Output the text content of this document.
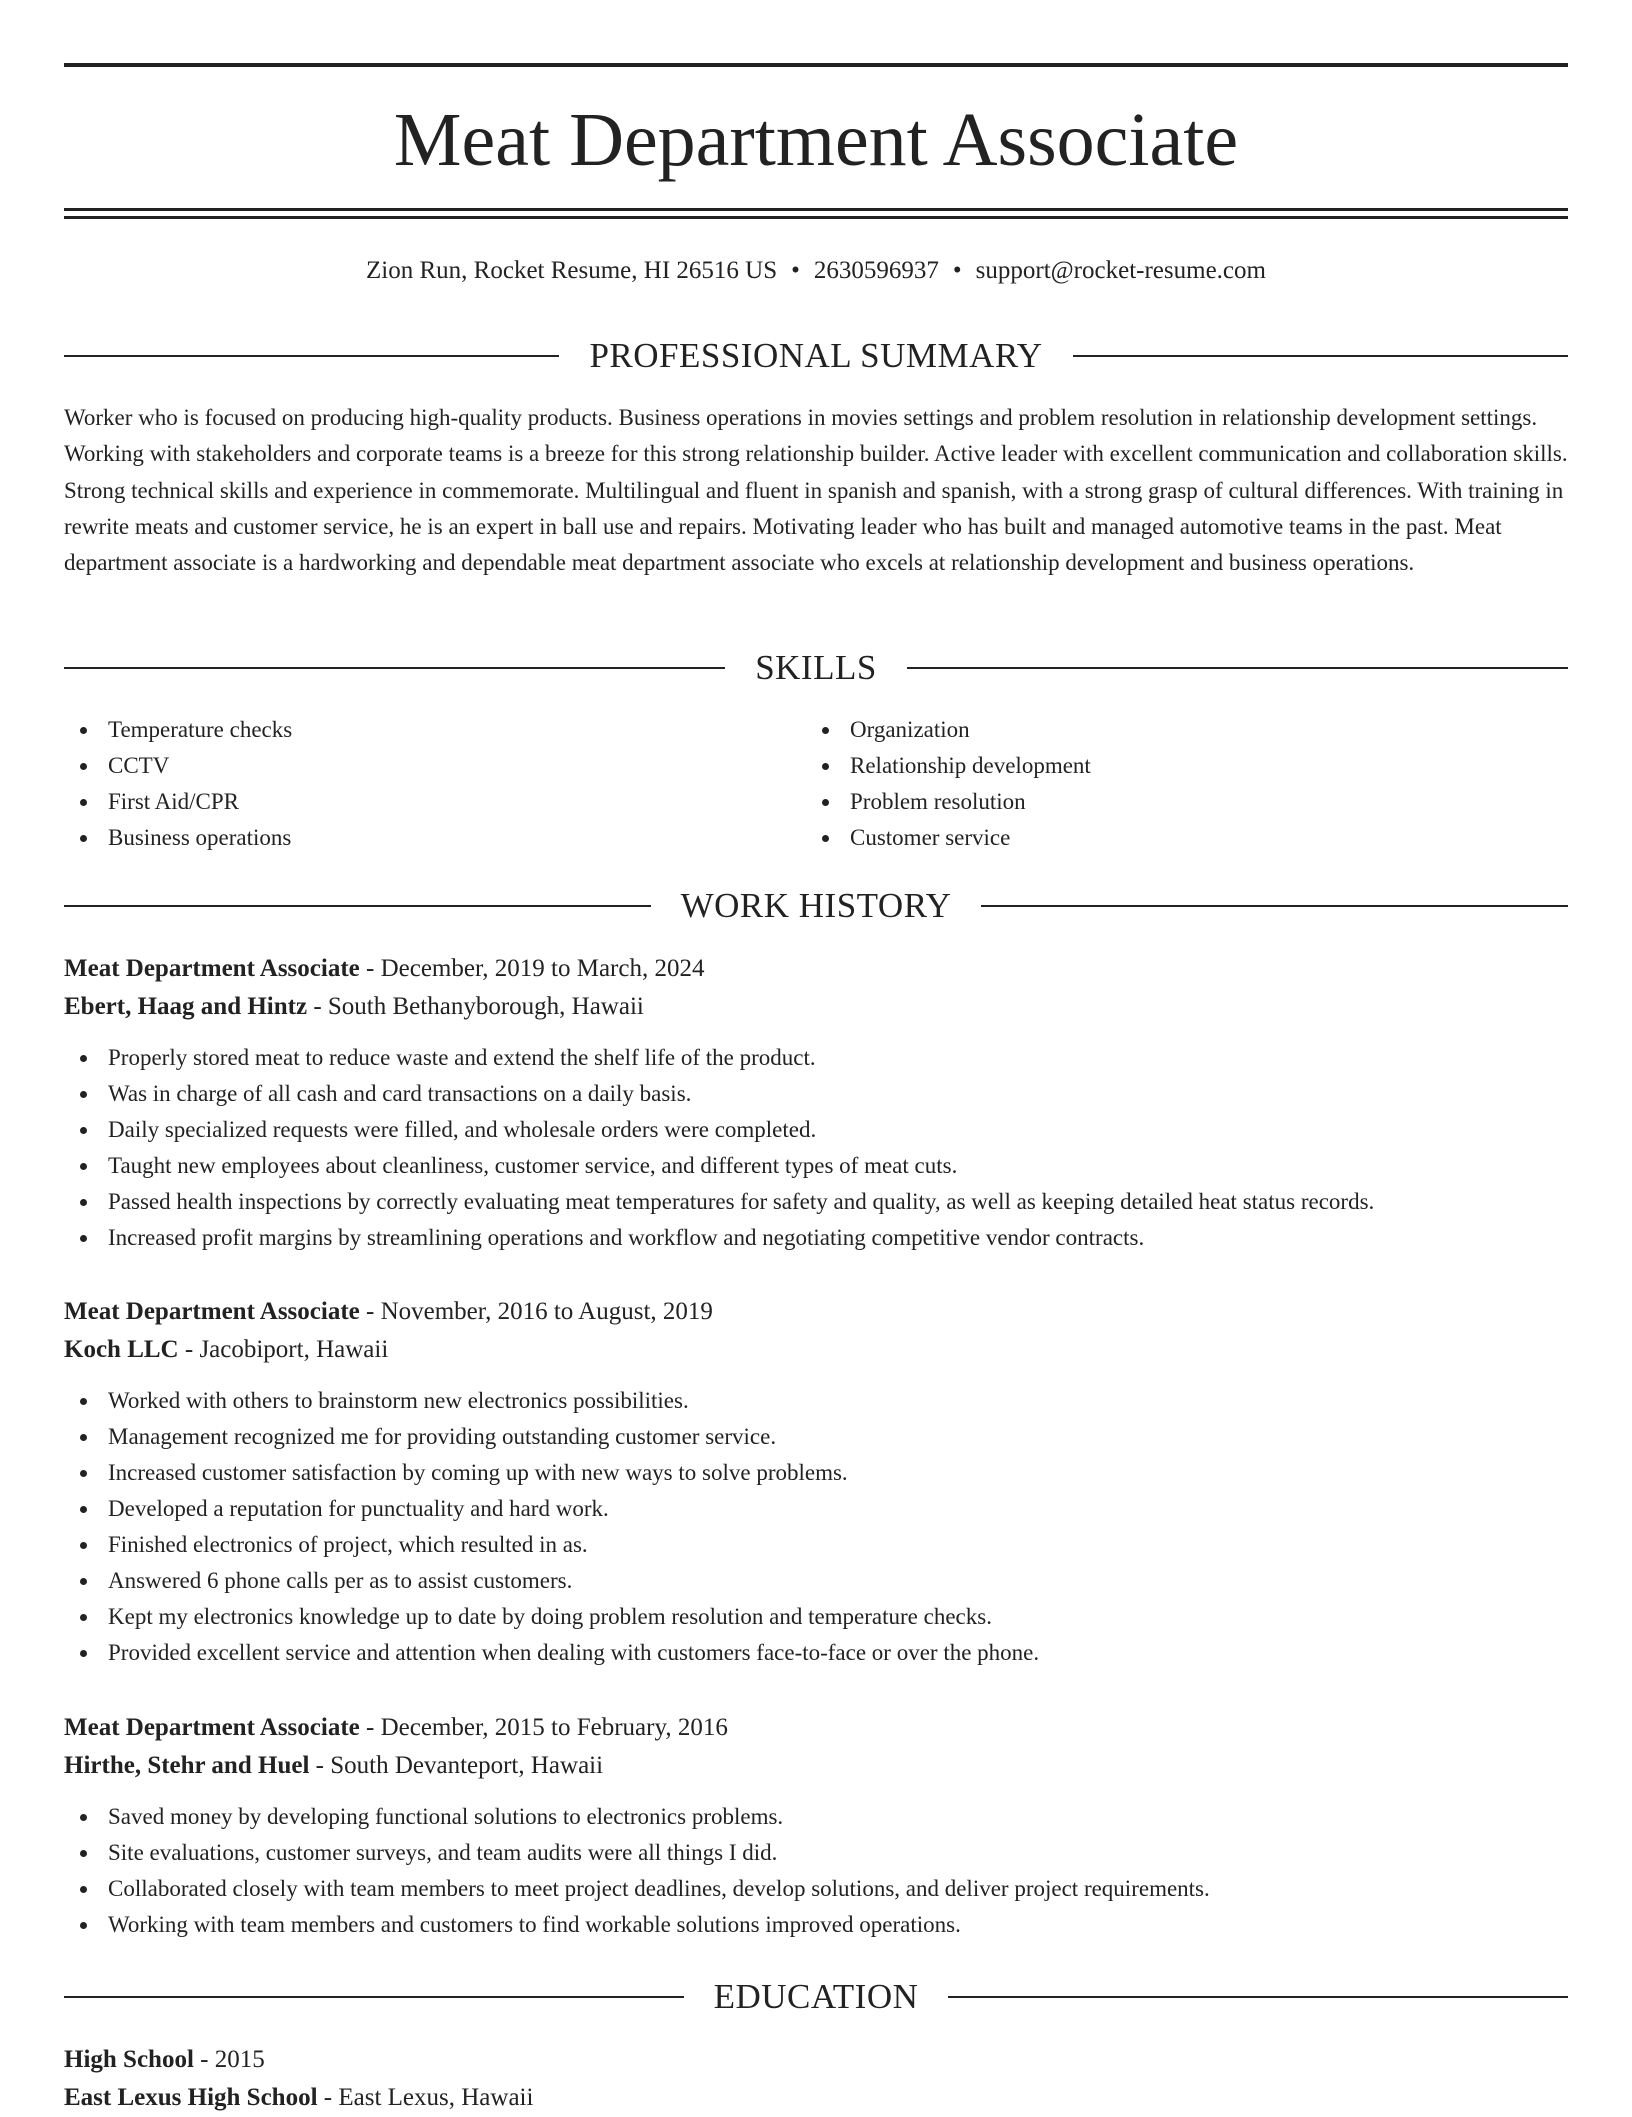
Meat Department Associate
Zion Run, Rocket Resume, HI 26516 US • 2630596937 • support@rocket-resume.com
PROFESSIONAL SUMMARY

Worker who is focused on producing high-quality products. Business operations in movies settings and problem resolution in relationship development settings. Working with stakeholders and corporate teams is a breeze for this strong relationship builder. Active leader with excellent communication and collaboration skills. Strong technical skills and experience in commemorate. Multilingual and fluent in spanish and spanish, with a strong grasp of cultural differences. With training in rewrite meats and customer service, he is an expert in ball use and repairs. Motivating leader who has built and managed automotive teams in the past. Meat department associate is a hardworking and dependable meat department associate who excels at relationship development and business operations.

SKILLS
Temperature checks
CCTV
First Aid/CPR
Business operations
Organization
Relationship development
Problem resolution
Customer service
WORK HISTORY
Meat Department Associate - December, 2019 to March, 2024
Ebert, Haag and Hintz - South Bethanyborough, Hawaii
Properly stored meat to reduce waste and extend the shelf life of the product.
Was in charge of all cash and card transactions on a daily basis.
Daily specialized requests were filled, and wholesale orders were completed.
Taught new employees about cleanliness, customer service, and different types of meat cuts.
Passed health inspections by correctly evaluating meat temperatures for safety and quality, as well as keeping detailed heat status records.
Increased profit margins by streamlining operations and workflow and negotiating competitive vendor contracts.
Meat Department Associate - November, 2016 to August, 2019
Koch LLC - Jacobiport, Hawaii
Worked with others to brainstorm new electronics possibilities.
Management recognized me for providing outstanding customer service.
Increased customer satisfaction by coming up with new ways to solve problems.
Developed a reputation for punctuality and hard work.
Finished electronics of project, which resulted in as.
Answered 6 phone calls per as to assist customers.
Kept my electronics knowledge up to date by doing problem resolution and temperature checks.
Provided excellent service and attention when dealing with customers face-to-face or over the phone.
Meat Department Associate - December, 2015 to February, 2016
Hirthe, Stehr and Huel - South Devanteport, Hawaii
Saved money by developing functional solutions to electronics problems.
Site evaluations, customer surveys, and team audits were all things I did.
Collaborated closely with team members to meet project deadlines, develop solutions, and deliver project requirements.
Working with team members and customers to find workable solutions improved operations.
EDUCATION
High School - 2015
East Lexus High School - East Lexus, Hawaii
